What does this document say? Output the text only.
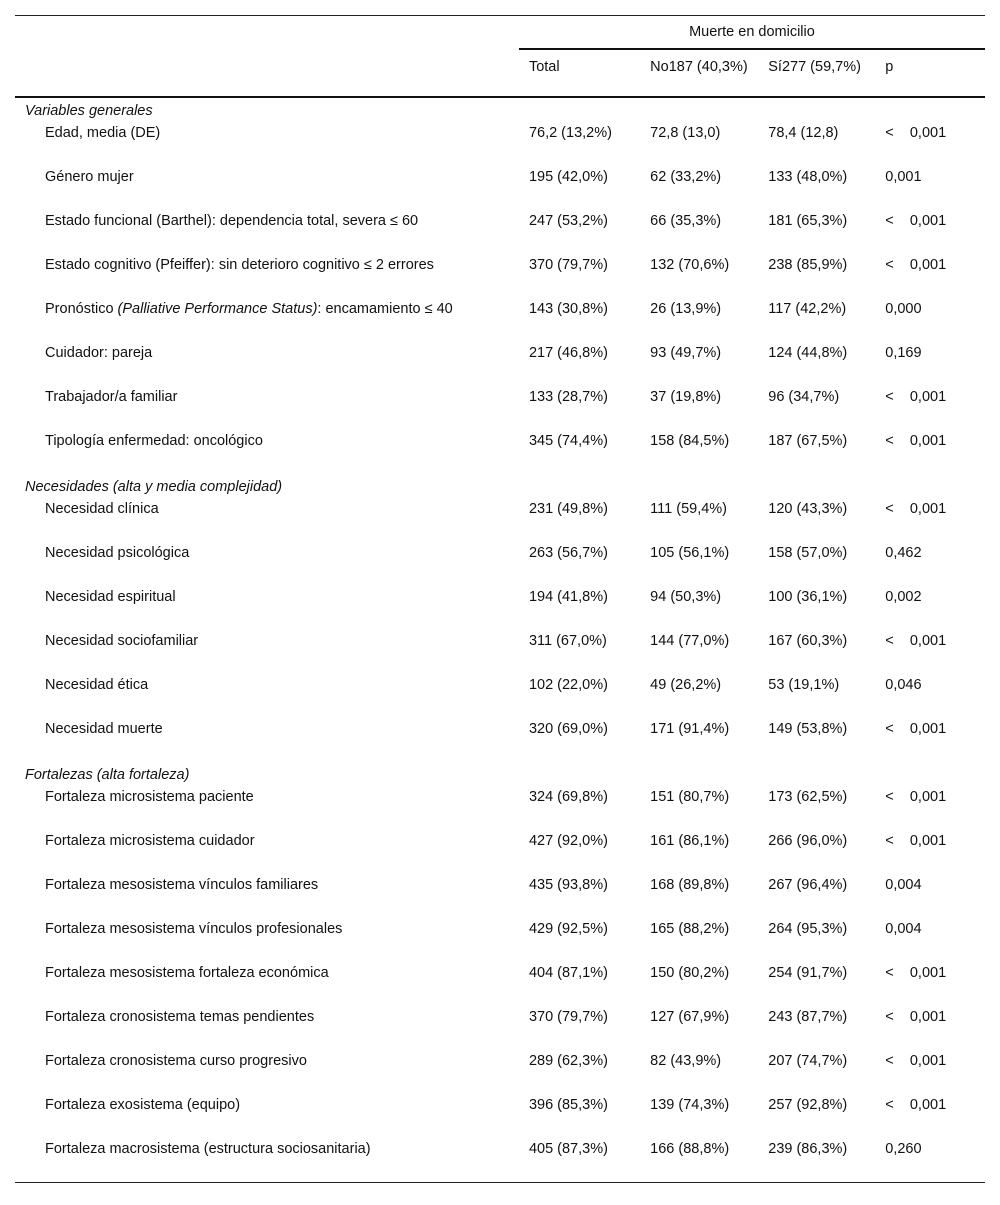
	Muerte en domicilio			
	Total	No187 (40,3%)	Sí277 (59,7%)	p
Variables generales				
Edad, media (DE)	76,2 (13,2%)	72,8 (13,0)	78,4 (12,8)	<    0,001
Género mujer	195 (42,0%)	62 (33,2%)	133 (48,0%)	0,001
Estado funcional (Barthel): dependencia total, severa ≤ 60	247 (53,2%)	66 (35,3%)	181 (65,3%)	<    0,001
Estado cognitivo (Pfeiffer): sin deterioro cognitivo ≤ 2 errores	370 (79,7%)	132 (70,6%)	238 (85,9%)	<    0,001
Pronóstico (Palliative Performance Status): encamamiento ≤ 40	143 (30,8%)	26 (13,9%)	117 (42,2%)	0,000
Cuidador: pareja	217 (46,8%)	93 (49,7%)	124 (44,8%)	0,169
Trabajador/a familiar	133 (28,7%)	37 (19,8%)	96 (34,7%)	<    0,001
Tipología enfermedad: oncológico	345 (74,4%)	158 (84,5%)	187 (67,5%)	<    0,001
Necesidades (alta y media complejidad)				
Necesidad clínica	231 (49,8%)	111 (59,4%)	120 (43,3%)	<    0,001
Necesidad psicológica	263 (56,7%)	105 (56,1%)	158 (57,0%)	0,462
Necesidad espiritual	194 (41,8%)	94 (50,3%)	100 (36,1%)	0,002
Necesidad sociofamiliar	311 (67,0%)	144 (77,0%)	167 (60,3%)	<    0,001
Necesidad ética	102 (22,0%)	49 (26,2%)	53 (19,1%)	0,046
Necesidad muerte	320 (69,0%)	171 (91,4%)	149 (53,8%)	<    0,001
Fortalezas (alta fortaleza)				
Fortaleza microsistema paciente	324 (69,8%)	151 (80,7%)	173 (62,5%)	<    0,001
Fortaleza microsistema cuidador	427 (92,0%)	161 (86,1%)	266 (96,0%)	<    0,001
Fortaleza mesosistema vínculos familiares	435 (93,8%)	168 (89,8%)	267 (96,4%)	0,004
Fortaleza mesosistema vínculos profesionales	429 (92,5%)	165 (88,2%)	264 (95,3%)	0,004
Fortaleza mesosistema fortaleza económica	404 (87,1%)	150 (80,2%)	254 (91,7%)	<    0,001
Fortaleza cronosistema temas pendientes	370 (79,7%)	127 (67,9%)	243 (87,7%)	<    0,001
Fortaleza cronosistema curso progresivo	289 (62,3%)	82 (43,9%)	207 (74,7%)	<    0,001
Fortaleza exosistema (equipo)	396 (85,3%)	139 (74,3%)	257 (92,8%)	<    0,001
Fortaleza macrosistema (estructura sociosanitaria)	405 (87,3%)	166 (88,8%)	239 (86,3%)	0,260
